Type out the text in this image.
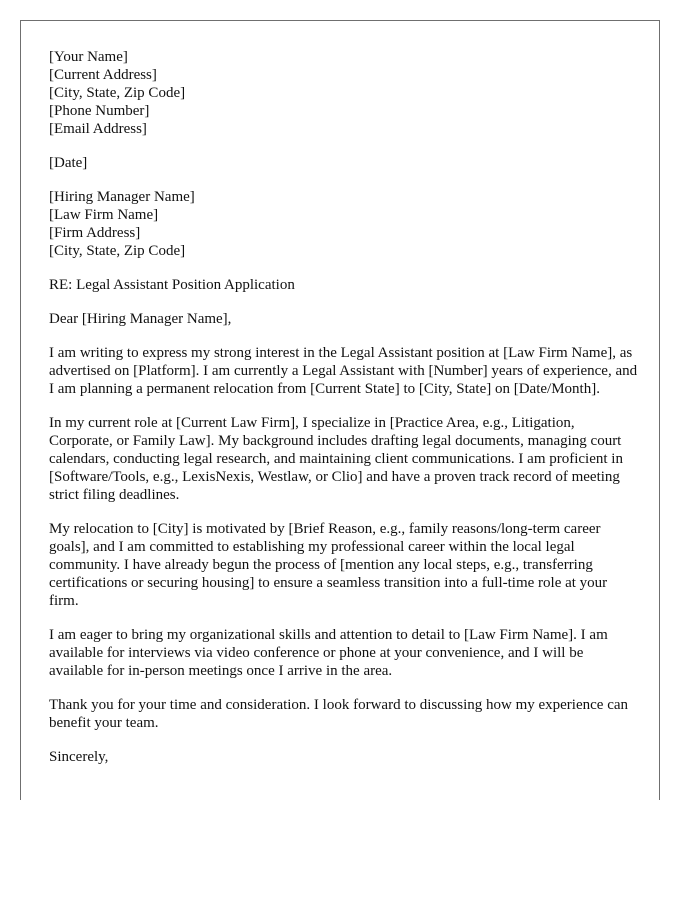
[Your Name]
[Current Address]
[City, State, Zip Code]
[Phone Number]
[Email Address]
[Date]
[Hiring Manager Name]
[Law Firm Name]
[Firm Address]
[City, State, Zip Code]

RE: Legal Assistant Position Application

Dear [Hiring Manager Name],

I am writing to express my strong interest in the Legal Assistant position at [Law Firm Name], as advertised on [Platform]. I am currently a Legal Assistant with [Number] years of experience, and I am planning a permanent relocation from [Current State] to [City, State] on [Date/Month].

In my current role at [Current Law Firm], I specialize in [Practice Area, e.g., Litigation, Corporate, or Family Law]. My background includes drafting legal documents, managing court calendars, conducting legal research, and maintaining client communications. I am proficient in [Software/Tools, e.g., LexisNexis, Westlaw, or Clio] and have a proven track record of meeting strict filing deadlines.

My relocation to [City] is motivated by [Brief Reason, e.g., family reasons/long-term career goals], and I am committed to establishing my professional career within the local legal community. I have already begun the process of [mention any local steps, e.g., transferring certifications or securing housing] to ensure a seamless transition into a full-time role at your firm.

I am eager to bring my organizational skills and attention to detail to [Law Firm Name]. I am available for interviews via video conference or phone at your convenience, and I will be available for in-person meetings once I arrive in the area.

Thank you for your time and consideration. I look forward to discussing how my experience can benefit your team.

Sincerely,
